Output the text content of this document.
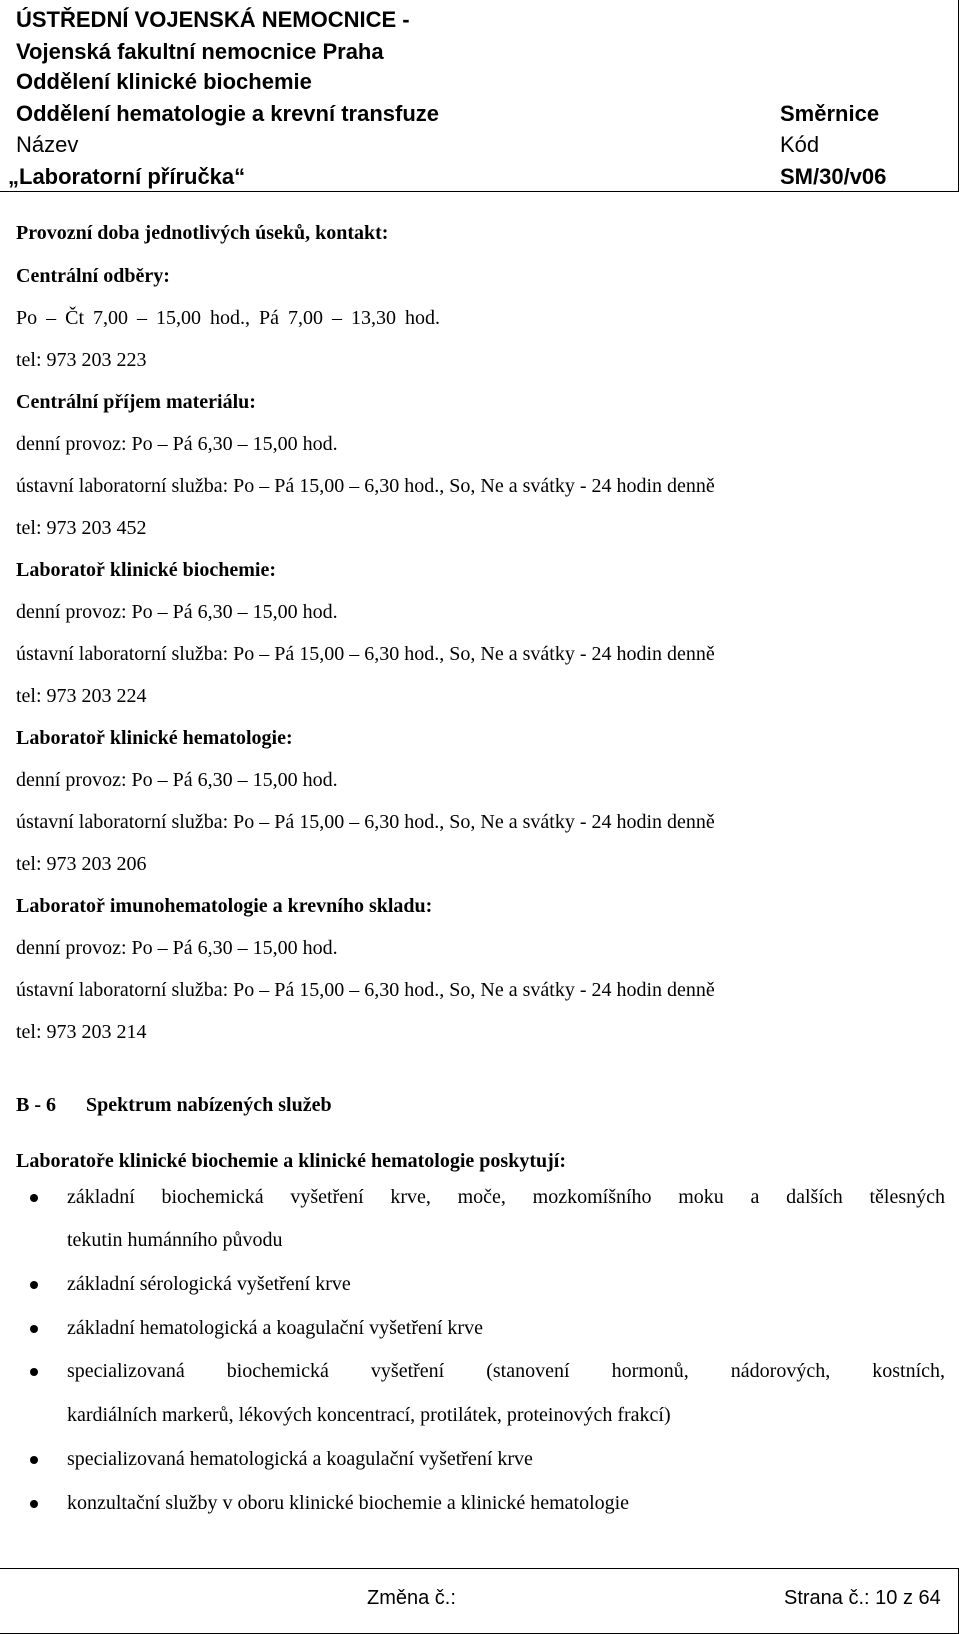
ÚSTŘEDNÍ VOJENSKÁ NEMOCNICE -
Vojenská fakultní nemocnice Praha
Oddělení klinické biochemie
Oddělení hematologie a krevní transfuze	Směrnice
Název	Kód
„Laboratorní příručka“	SM/30/v06
Provozní doba jednotlivých úseků, kontakt:
Centrální odběry:
Po – Čt 7,00 – 15,00 hod., Pá 7,00 – 13,30 hod.
tel: 973 203 223
Centrální příjem materiálu:
denní provoz: Po – Pá 6,30 – 15,00 hod.
ústavní laboratorní služba: Po – Pá 15,00 – 6,30 hod., So, Ne a svátky - 24 hodin denně
tel: 973 203 452
Laboratoř klinické biochemie:
denní provoz: Po – Pá 6,30 – 15,00 hod.
ústavní laboratorní služba: Po – Pá 15,00 – 6,30 hod., So, Ne a svátky - 24 hodin denně
tel: 973 203 224
Laboratoř klinické hematologie:
denní provoz: Po – Pá 6,30 – 15,00 hod.
ústavní laboratorní služba: Po – Pá 15,00 – 6,30 hod., So, Ne a svátky - 24 hodin denně
tel: 973 203 206
Laboratoř imunohematologie a krevního skladu:
denní provoz: Po – Pá 6,30 – 15,00 hod.
ústavní laboratorní služba: Po – Pá 15,00 – 6,30 hod., So, Ne a svátky - 24 hodin denně
tel: 973 203 214
B - 6 Spektrum nabízených služeb
Laboratoře klinické biochemie a klinické hematologie poskytují:
základní biochemická vyšetření krve, moče, mozkomíšního moku a dalších tělesných
tekutin humánního původu
základní sérologická vyšetření krve
základní hematologická a koagulační vyšetření krve
specializovaná biochemická vyšetření (stanovení hormonů, nádorových, kostních,
kardiálních markerů, lékových koncentrací, protilátek, proteinových frakcí)
specializovaná hematologická a koagulační vyšetření krve
konzultační služby v oboru klinické biochemie a klinické hematologie
Změna č.:	Strana č.: 10 z 64
